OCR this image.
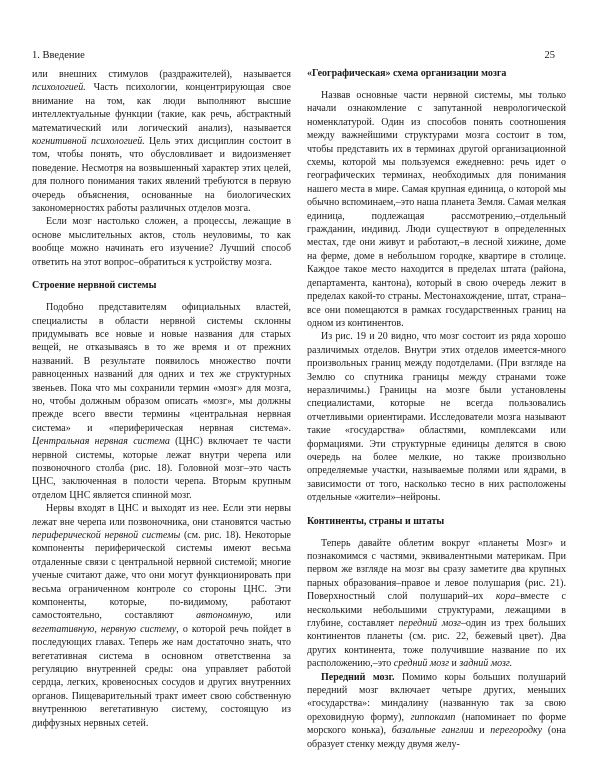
1. Введение	25

или внешних стимулов (раздражителей), называется психологией. Часть психологии, концентрирующая свое внимание на том, как люди выполняют высшие интеллектуальные функции (такие, как речь, абстрактный математический или логический анализ), называется когнитивной психологией. Цель этих дисциплин состоит в том, чтобы понять, что обусловливает и видоизменяет поведение. Несмотря на возвышенный характер этих целей, для полного понимания таких явлений требуются в первую очередь объяснения, основанные на биологических закономерностях работы различных отделов мозга.

Если мозг настолько сложен, а процессы, лежащие в основе мыслительных актов, столь неуловимы, то как вообще можно начинать его изучение? Лучший способ ответить на этот вопрос–обратиться к устройству мозга.

Строение нервной системы

Подобно представителям официальных властей, специалисты в области нервной системы склонны придумывать все новые и новые названия для старых вещей, не отказываясь в то же время и от прежних названий. В результате появилось множество почти равноценных названий для одних и тех же структурных звеньев. Пока что мы сохранили термин «мозг» для мозга, но, чтобы должным образом описать «мозг», мы должны прежде всего ввести термины «центральная нервная система» и «периферическая нервная система». Центральная нервная система (ЦНС) включает те части нервной системы, которые лежат внутри черепа или позвоночного столба (рис. 18). Головной мозг–это часть ЦНС, заключенная в полости черепа. Вторым крупным отделом ЦНС является спинной мозг.

Нервы входят в ЦНС и выходят из нее. Если эти нервы лежат вне черепа или позвоночника, они становятся частью периферической нервной системы (см. рис. 18). Некоторые компоненты периферической системы имеют весьма отдаленные связи с центральной нервной системой; многие ученые считают даже, что они могут функционировать при весьма ограниченном контроле со стороны ЦНС. Эти компоненты, которые, по-видимому, работают самостоятельно, составляют автономную, или вегетативную, нервную систему, о которой речь пойдет в последующих главах. Теперь же нам достаточно знать, что вегетативная система в основном ответственна за регуляцию внутренней среды: она управляет работой сердца, легких, кровеносных сосудов и других внутренних органов. Пищеварительный тракт имеет свою собственную внутреннюю вегетативную систему, состоящую из диффузных нервных сетей.

«Географическая» схема организации мозга

Назвав основные части нервной системы, мы только начали ознакомление с запутанной неврологической номенклатурой. Один из способов понять соотношения между важнейшими структурами мозга состоит в том, чтобы представить их в терминах другой организационной схемы, которой мы пользуемся ежедневно: речь идет о географических терминах, необходимых для понимания нашего места в мире. Самая крупная единица, о которой мы обычно вспоминаем,–это наша планета Земля. Самая мелкая единица, подлежащая рассмотрению,–отдельный гражданин, индивид. Люди существуют в определенных местах, где они живут и работают,–в лесной хижине, доме на ферме, доме в небольшом городке, квартире в столице. Каждое такое место находится в пределах штата (района, департамента, кантона), который в свою очередь лежит в пределах какой-то страны. Местонахождение, штат, страна–все они помещаются в рамках государственных границ на одном из континентов.

Из рис. 19 и 20 видно, что мозг состоит из ряда хорошо различимых отделов. Внутри этих отделов имеется-много произвольных границ между подотделами. (При взгляде на Землю со спутника границы между странами тоже неразличимы.) Границы на мозге были установлены специалистами, которые не всегда пользовались отчетливыми ориентирами. Исследователи мозга называют такие «государства» областями, комплексами или формациями. Эти структурные единицы делятся в свою очередь на более мелкие, но также произвольно определяемые участки, называемые полями или ядрами, в зависимости от того, насколько тесно в них расположены отдельные «жители»–нейроны.

Континенты, страны и штаты

Теперь давайте облетим вокруг «планеты Мозг» и познакомимся с частями, эквивалентными материкам. При первом же взгляде на мозг вы сразу заметите два крупных парных образования–правое и левое полушария (рис. 21). Поверхностный слой полушарий–их кора–вместе с несколькими небольшими структурами, лежащими в глубине, составляет передний мозг–один из трех больших континентов планеты (см. рис. 22, бежевый цвет). Два других континента, тоже получившие название по их расположению,–это средний мозг и задний мозг.

Передний мозг. Помимо коры больших полушарий передний мозг включает четыре других, меньших «государства»: миндалину (названную так за свою ореховидную форму), гиппокамп (напоминает по форме морского конька), базальные ганглии и перегородку (она образует стенку между двумя желу-
